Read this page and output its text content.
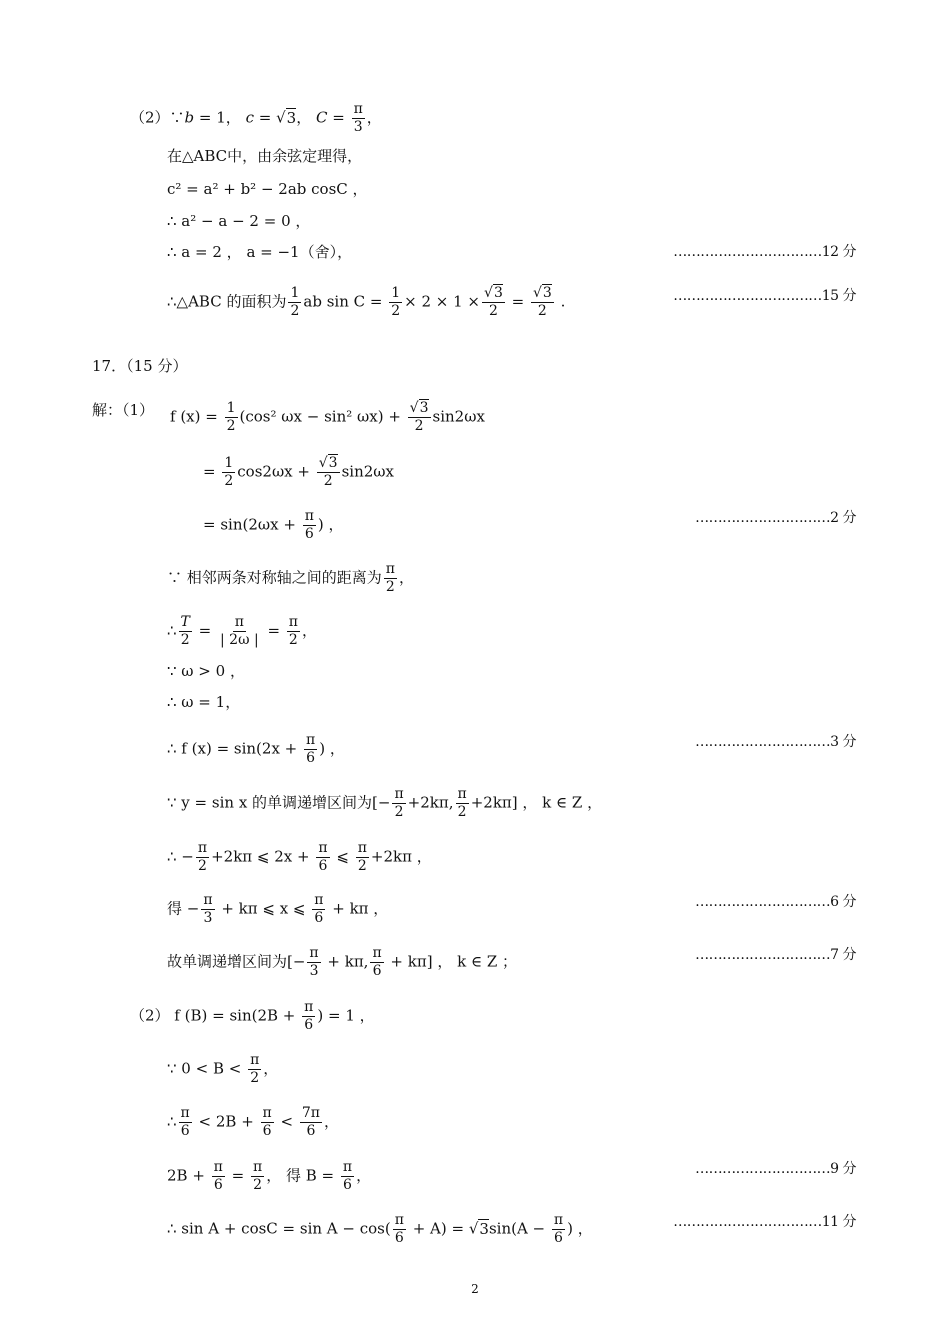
（2）∵b = 1， c = √3， $C = \frac{\pi}{3}$ ，
在△ABC中，由余弦定理得，
c² = a² + b² − 2ab cosC ，
∴ a² − a − 2 = 0 ，
∴ a = 2 ， a = −1（舍），	……………………………12 分
∴△ABC 的面积为 $\frac{1}{2}$ ab $\sin C = \frac{1}{2} \times 2 \times 1 \times \frac{√3}{2} = \frac{√3}{2}$ .	……………………………15 分
17．（15 分）
解：（1） f $(x) = \frac{1}{2} (\cos^2$ ωx − sin² $\omega x) + \frac{√3}{2} \sin 2\omega x$
= $\frac{1}{2} \cos 2\omega x + \frac{√3}{2} \sin 2\omega x$
= $\sin(2\omega x + \frac{\pi}{6}$ ) ，	…………………………2 分
∵ 相邻两条对称轴之间的距离为 $\frac{\pi}{2}$ ，
∴ $\frac{T}{2} = \frac{\pi}{| 2\omega |} = \frac{\pi}{2}$ ，
∵ ω > 0 ，
∴ ω = 1，
∴ f $(x) = \sin(2x + \frac{\pi}{6}$ ) ，	…………………………3 分
∵ y = sin x 的单调递增区间为[− $\frac{\pi}{2} +2k\pi$, $\frac{\pi}{2} +2k\pi$] ， k ∈ Z ，
∴ − $\frac{\pi}{2} +2k\pi$ ⩽ $2x + \frac{\pi}{6}$ ⩽ $\frac{\pi}{2} +2k\pi$ ，
得 − $\frac{\pi}{3} + k\pi$ ⩽ x ⩽ $\frac{\pi}{6} + k\pi$ ，	…………………………6 分
故单调递增区间为[− $\frac{\pi}{3} + k\pi$, $\frac{\pi}{6} + k\pi$] ， k ∈ Z ；	…………………………7 分
（2） f $(B) = \sin(2B + \frac{\pi}{6}$ ) = 1 ，
∵ $0 < B < \frac{\pi}{2}$ ，
∴ $\frac{\pi}{6} < 2B + \frac{\pi}{6} < \frac{7\pi}{6}$ ，
$2B + \frac{\pi}{6} = \frac{\pi}{2}$ ， 得 $B = \frac{\pi}{6}$ ，	…………………………9 分
∴ $\sin A + \cos C = \sin A - \cos( \frac{\pi}{6} + A) = √3\sin(A - \frac{\pi}{6}$ ) ，	……………………………11 分
2
